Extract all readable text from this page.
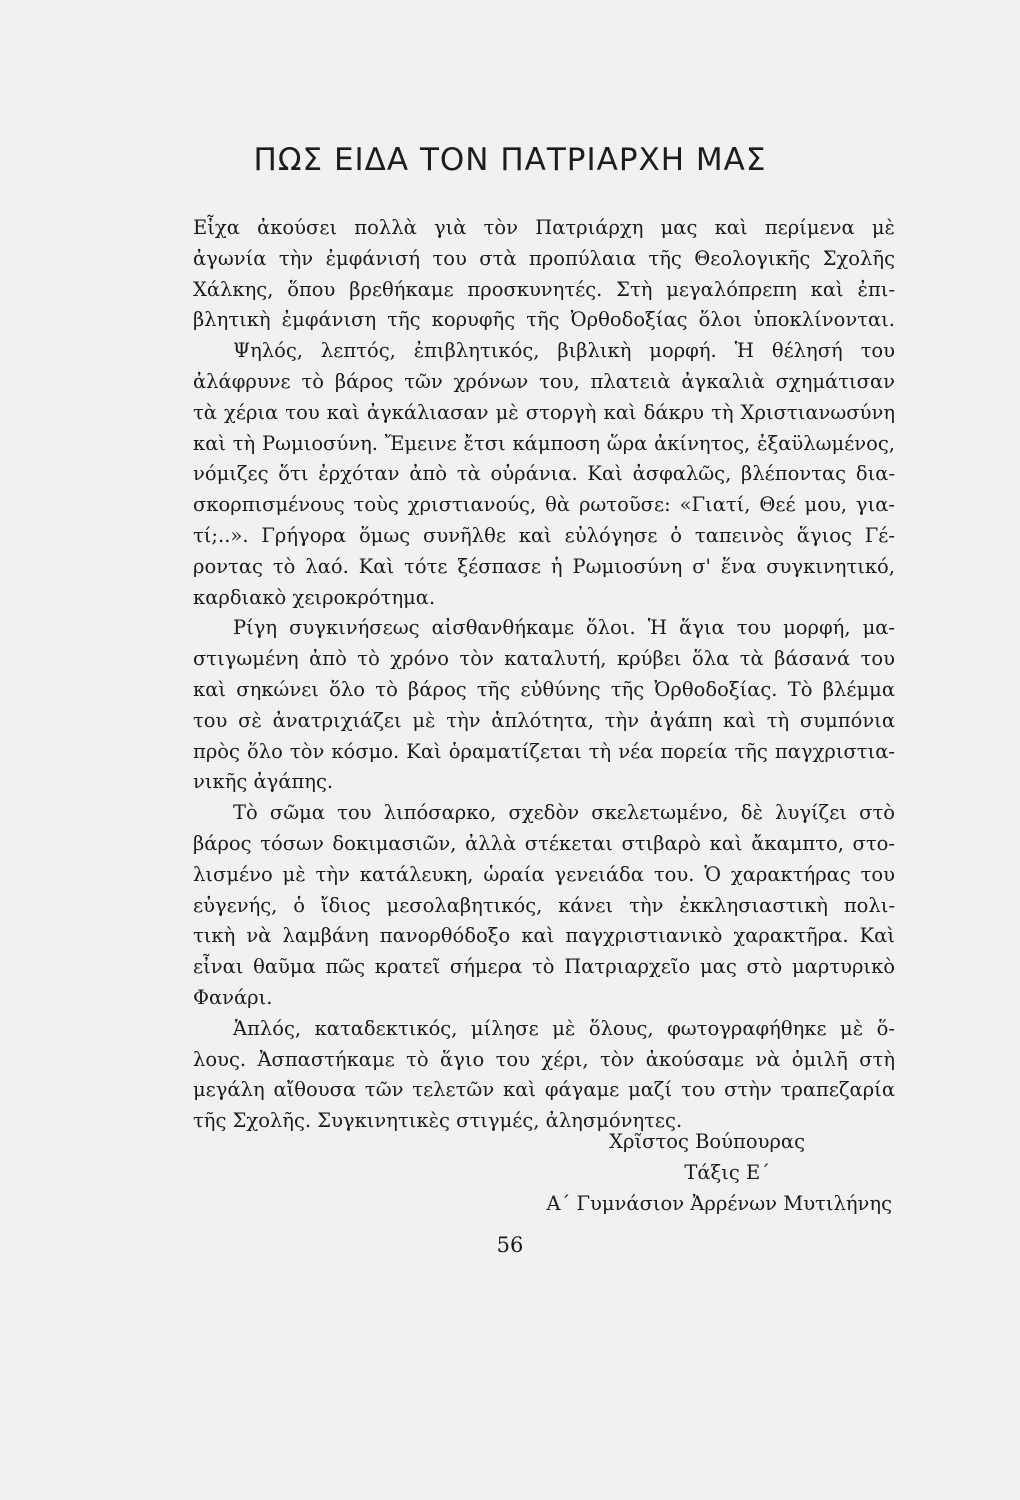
ΠΩΣ ΕΙΔΑ ΤΟΝ ΠΑΤΡΙΑΡΧΗ ΜΑΣ
Εἶχα ἀκούσει πολλὰ γιὰ τὸν Πατριάρχη μας καὶ περίμενα μὲ
ἀγωνία τὴν ἐμφάνισή του στὰ προπύλαια τῆς Θεολογικῆς Σχολῆς
Χάλκης, ὅπου βρεθήκαμε προσκυνητές. Στὴ μεγαλόπρεπη καὶ ἐπι-
βλητικὴ ἐμφάνιση τῆς κορυφῆς τῆς Ὀρθοδοξίας ὅλοι ὑποκλίνονται.
Ψηλός, λεπτός, ἐπιβλητικός, βιβλικὴ μορφή. Ἡ θέλησή του
ἀλάφρυνε τὸ βάρος τῶν χρόνων του, πλατειὰ ἀγκαλιὰ σχημάτισαν
τὰ χέρια του καὶ ἀγκάλιασαν μὲ στοργὴ καὶ δάκρυ τὴ Χριστιανωσύνη
καὶ τὴ Ρωμιοσύνη. Ἔμεινε ἔτσι κάμποση ὥρα ἀκίνητος, ἐξαϋλωμένος,
νόμιζες ὅτι ἐρχόταν ἀπὸ τὰ οὐράνια. Καὶ ἀσφαλῶς, βλέποντας δια-
σκορπισμένους τοὺς χριστιανούς, θὰ ρωτοῦσε: «Γιατί, Θεέ μου, για-
τί;..». Γρήγορα ὅμως συνῆλθε καὶ εὐλόγησε ὁ ταπεινὸς ἅγιος Γέ-
ροντας τὸ λαό. Καὶ τότε ξέσπασε ἡ Ρωμιοσύνη σ' ἕνα συγκινητικό,
καρδιακὸ χειροκρότημα.
Ρίγη συγκινήσεως αἰσθανθήκαμε ὅλοι. Ἡ ἅγια του μορφή, μα-
στιγωμένη ἀπὸ τὸ χρόνο τὸν καταλυτή, κρύβει ὅλα τὰ βάσανά του
καὶ σηκώνει ὅλο τὸ βάρος τῆς εὐθύνης τῆς Ὀρθοδοξίας. Τὸ βλέμμα
του σὲ ἀνατριχιάζει μὲ τὴν ἁπλότητα, τὴν ἀγάπη καὶ τὴ συμπόνια
πρὸς ὅλο τὸν κόσμο. Καὶ ὁραματίζεται τὴ νέα πορεία τῆς παγχριστια-
νικῆς ἀγάπης.
Τὸ σῶμα του λιπόσαρκο, σχεδὸν σκελετωμένο, δὲ λυγίζει στὸ
βάρος τόσων δοκιμασιῶν, ἀλλὰ στέκεται στιβαρὸ καὶ ἄκαμπτο, στο-
λισμένο μὲ τὴν κατάλευκη, ὡραία γενειάδα του. Ὁ χαρακτήρας του
εὐγενής, ὁ ἴδιος μεσολαβητικός, κάνει τὴν ἐκκλησιαστικὴ πολι-
τικὴ νὰ λαμβάνη πανορθόδοξο καὶ παγχριστιανικὸ χαρακτῆρα. Καὶ
εἶναι θαῦμα πῶς κρατεῖ σήμερα τὸ Πατριαρχεῖο μας στὸ μαρτυρικὸ
Φανάρι.
Ἁπλός, καταδεκτικός, μίλησε μὲ ὅλους, φωτογραφήθηκε μὲ ὅ-
λους. Ἀσπαστήκαμε τὸ ἅγιο του χέρι, τὸν ἀκούσαμε νὰ ὁμιλῆ στὴ
μεγάλη αἴθουσα τῶν τελετῶν καὶ φάγαμε μαζί του στὴν τραπεζαρία
τῆς Σχολῆς. Συγκινητικὲς στιγμές, ἀλησμόνητες.
Χρῖστος Βούπουρας
Τάξις Ε΄
Α΄ Γυμνάσιον Ἀρρένων Μυτιλήνης
56
